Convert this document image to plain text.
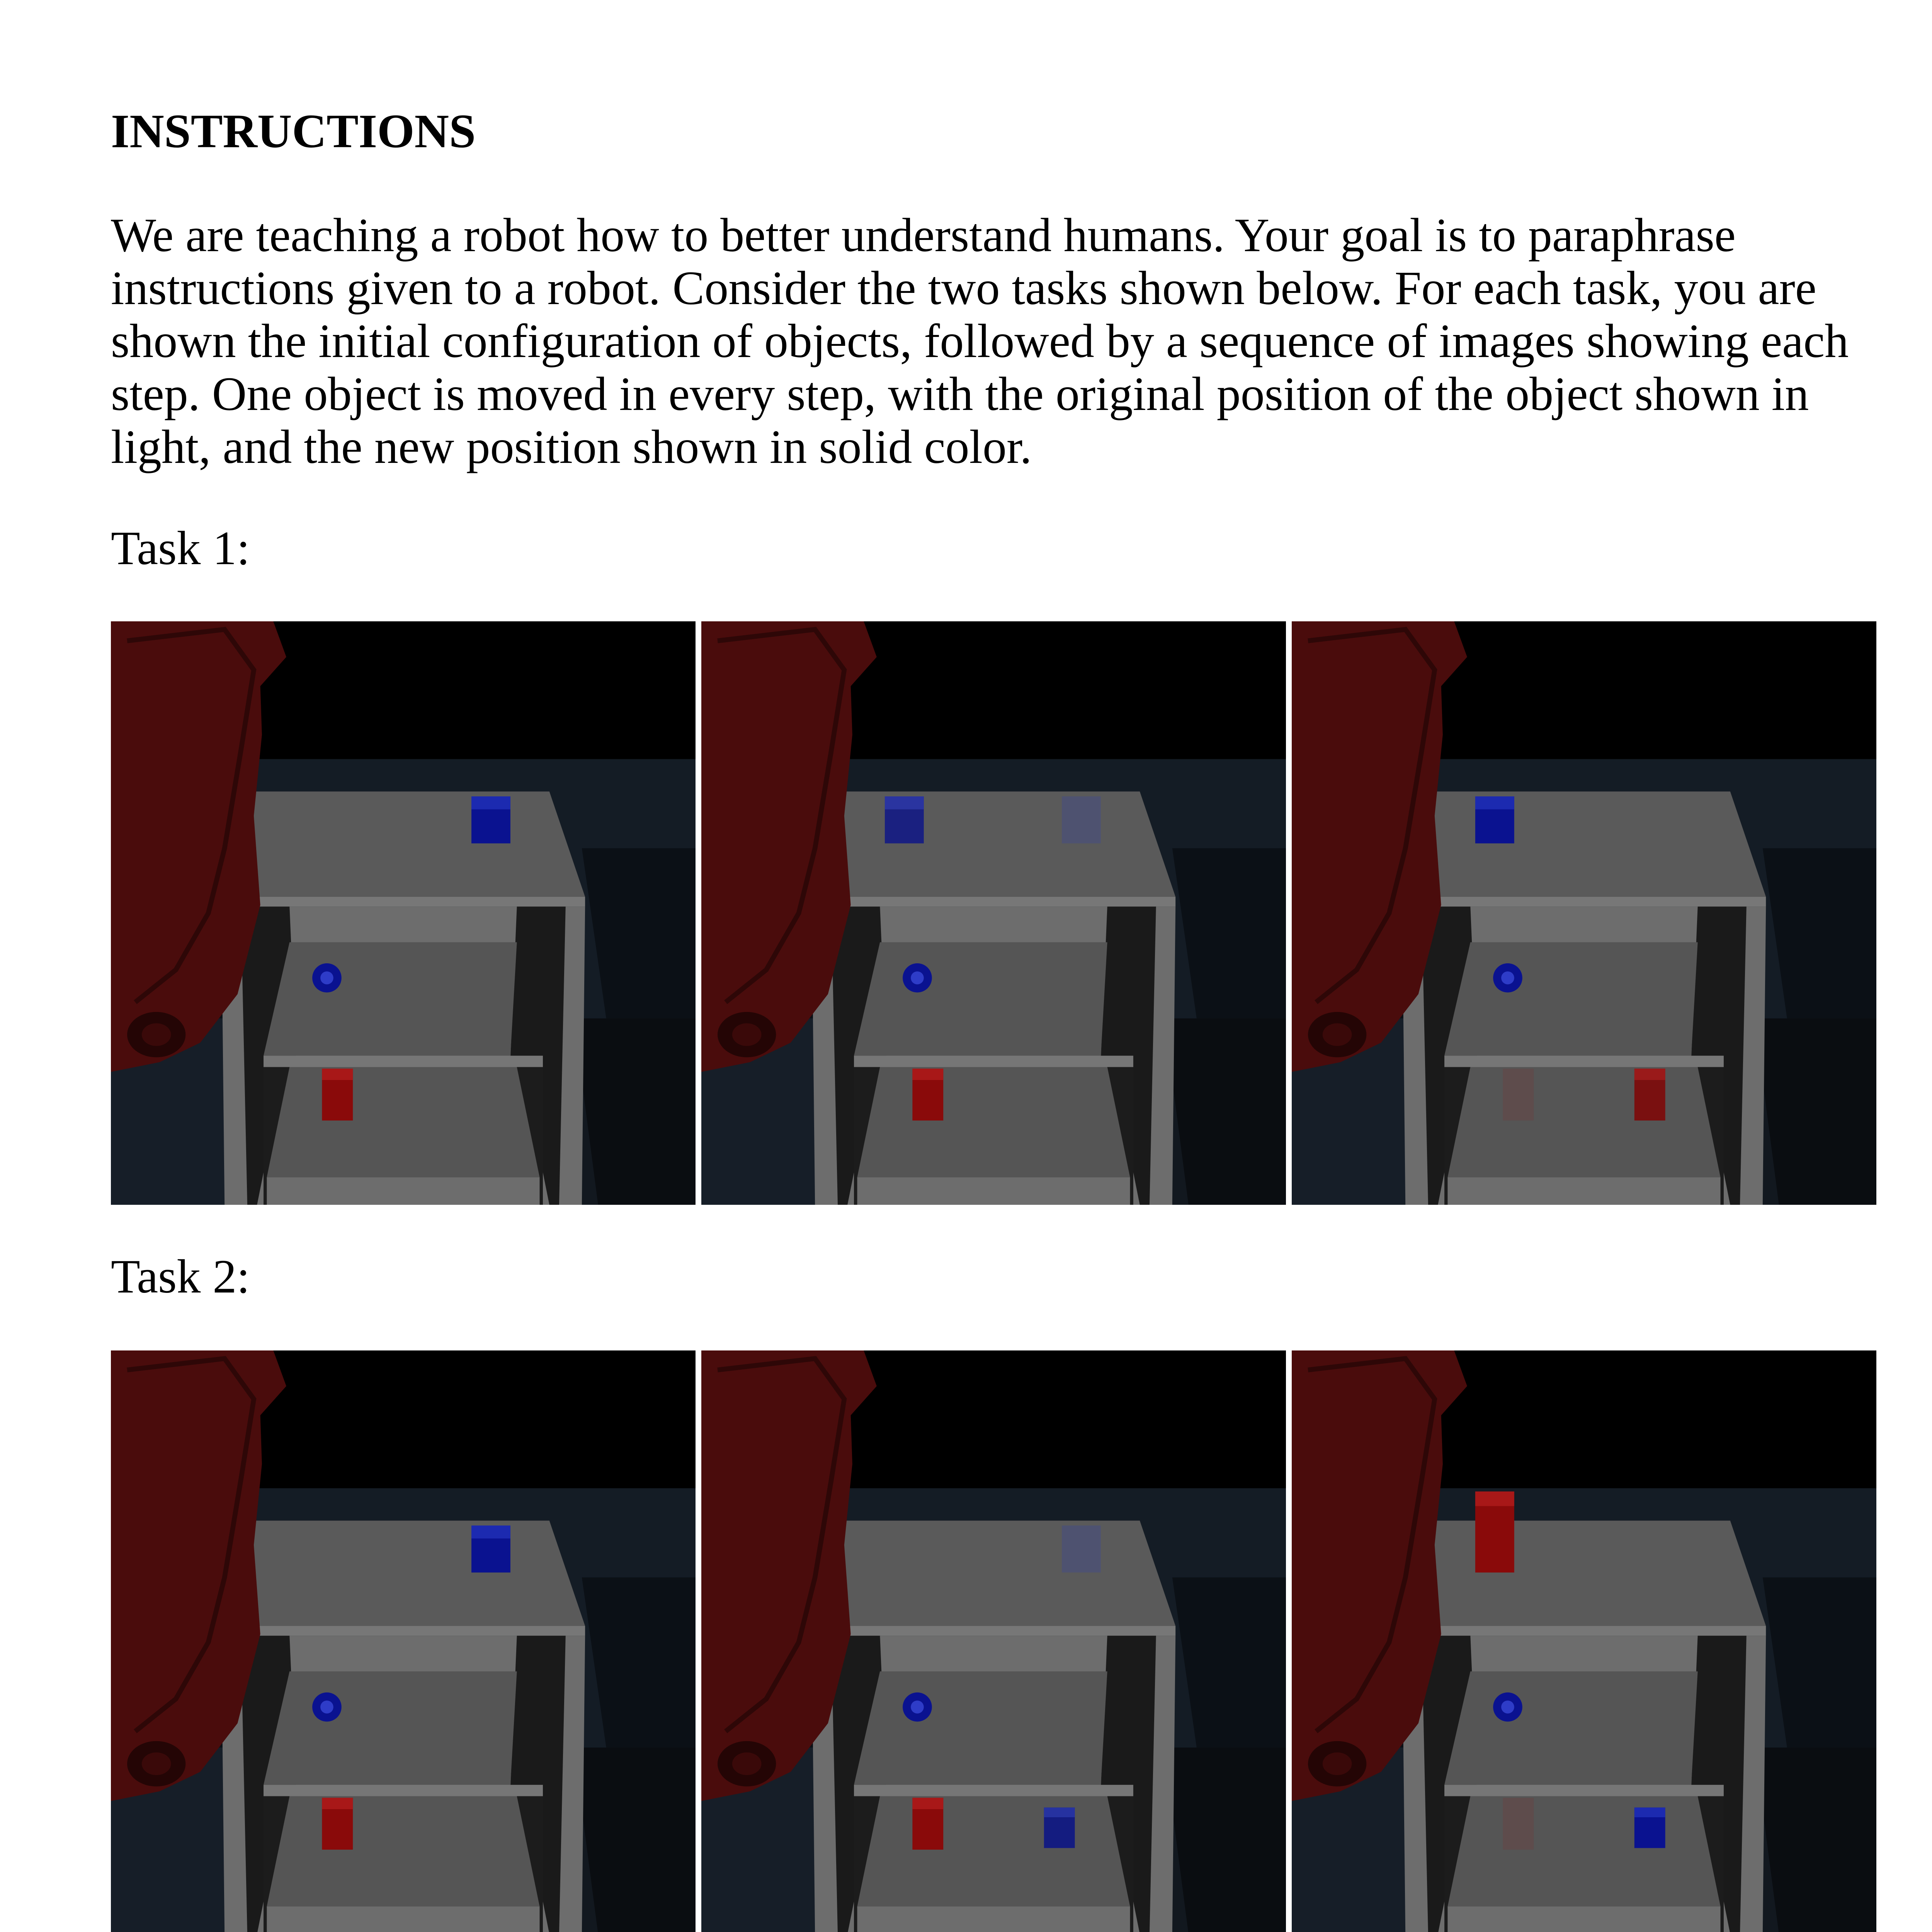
INSTRUCTIONS

We are teaching a robot how to better understand humans. Your goal is to paraphrase instructions given to a robot. Consider the two tasks shown below. For each task, you are shown the initial configuration of objects, followed by a sequence of images showing each step. One object is moved in every step, with the original position of the object shown in light, and the new position shown in solid color.

Task 1:

Task 2:
